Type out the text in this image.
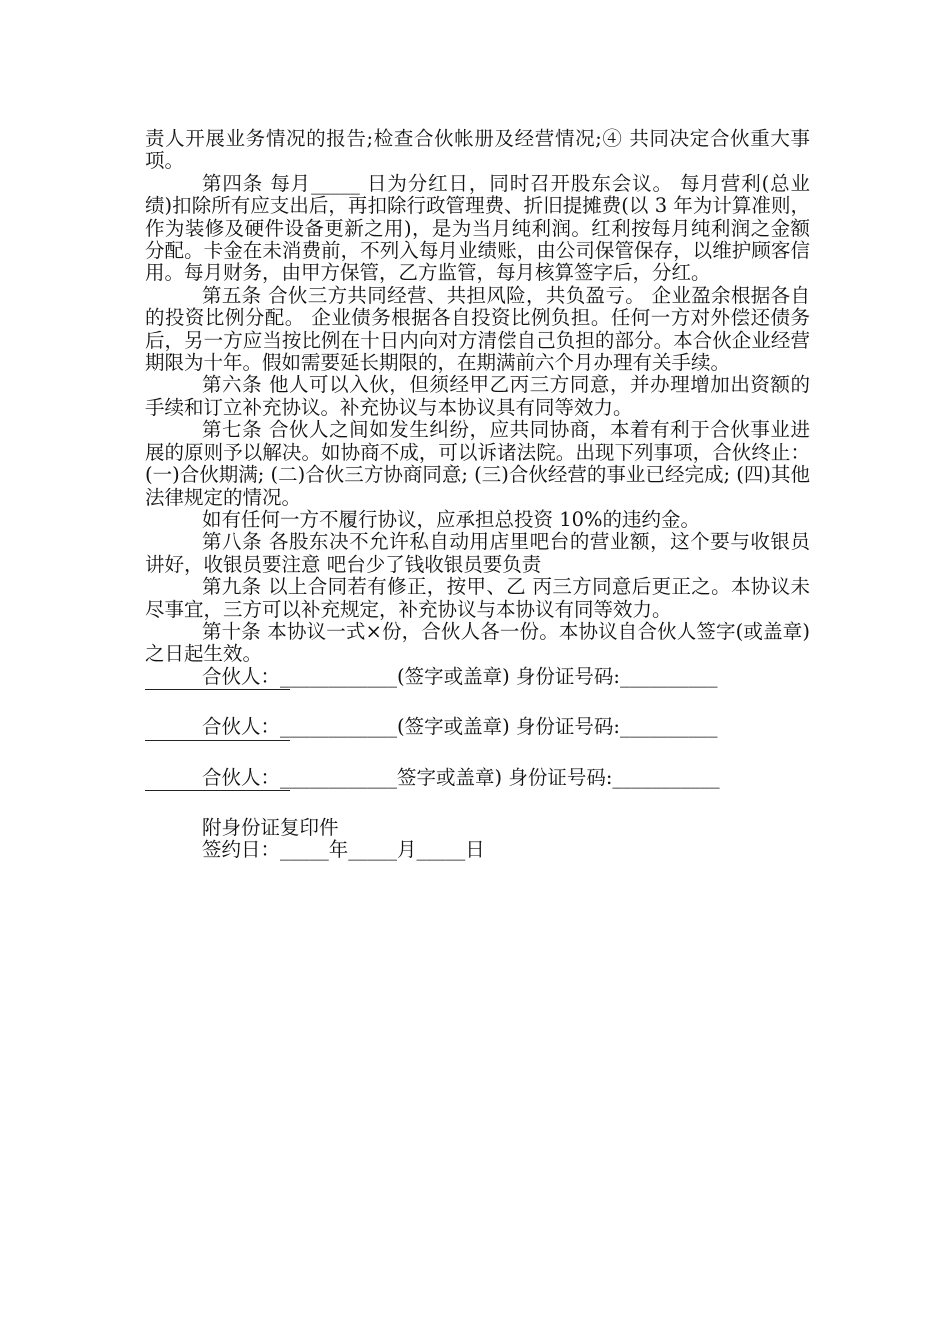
责人开展业务情况的报告;检查合伙帐册及经营情况;④ 共同决定合伙重大事项。

第四条 每月_____ 日为分红日，同时召开股东会议。 每月营利(总业绩)扣除所有应支出后，再扣除行政管理费、折旧提摊费(以 3 年为计算准则，作为装修及硬件设备更新之用)，是为当月纯利润。红利按每月纯利润之金额分配。卡金在未消费前，不列入每月业绩账，由公司保管保存，以维护顾客信用。每月财务，由甲方保管，乙方监管，每月核算签字后，分红。

第五条 合伙三方共同经营、共担风险，共负盈亏。 企业盈余根据各自的投资比例分配。 企业债务根据各自投资比例负担。任何一方对外偿还债务后，另一方应当按比例在十日内向对方清偿自己负担的部分。本合伙企业经营期限为十年。假如需要延长期限的，在期满前六个月办理有关手续。

第六条 他人可以入伙，但须经甲乙丙三方同意，并办理增加出资额的手续和订立补充协议。补充协议与本协议具有同等效力。

第七条 合伙人之间如发生纠纷，应共同协商，本着有利于合伙事业进展的原则予以解决。如协商不成，可以诉诸法院。出现下列事项，合伙终止： (一)合伙期满; (二)合伙三方协商同意; (三)合伙经营的事业已经完成; (四)其他法律规定的情况。

如有任何一方不履行协议，应承担总投资 10%的违约金。

第八条 各股东决不允许私自动用店里吧台的营业额，这个要与收银员讲好，收银员要注意 吧台少了钱收银员要负责

第九条 以上合同若有修正，按甲、乙 丙三方同意后更正之。本协议未尽事宜，三方可以补充规定，补充协议与本协议有同等效力。

第十条 本协议一式×份，合伙人各一份。本协议自合伙人签字(或盖章)之日起生效。

合伙人：____________(签字或盖章) 身份证号码:__________
合伙人：____________(签字或盖章) 身份证号码:__________
合伙人：____________签字或盖章) 身份证号码:___________
附身份证复印件
签约日：_____年_____月_____日
